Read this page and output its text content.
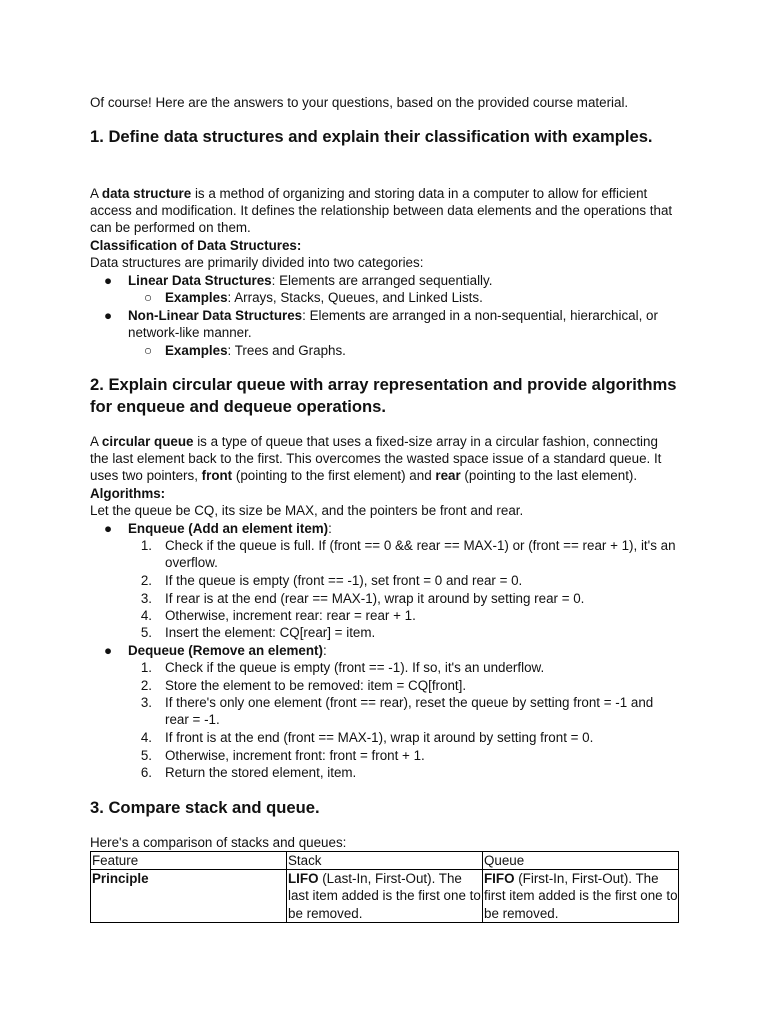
Of course! Here are the answers to your questions, based on the provided course material.
1. Define data structures and explain their classification with examples.
A data structure is a method of organizing and storing data in a computer to allow for efficient access and modification. It defines the relationship between data elements and the operations that can be performed on them.
Classification of Data Structures:
Data structures are primarily divided into two categories:
● Linear Data Structures: Elements are arranged sequentially.
○ Examples: Arrays, Stacks, Queues, and Linked Lists.
● Non-Linear Data Structures: Elements are arranged in a non-sequential, hierarchical, or network-like manner.
○ Examples: Trees and Graphs.
2. Explain circular queue with array representation and provide algorithms for enqueue and dequeue operations.
A circular queue is a type of queue that uses a fixed-size array in a circular fashion, connecting the last element back to the first. This overcomes the wasted space issue of a standard queue. It uses two pointers, front (pointing to the first element) and rear (pointing to the last element).
Algorithms:
Let the queue be CQ, its size be MAX, and the pointers be front and rear.
● Enqueue (Add an element item):
1. Check if the queue is full. If (front == 0 && rear == MAX-1) or (front == rear + 1), it's an overflow.
2. If the queue is empty (front == -1), set front = 0 and rear = 0.
3. If rear is at the end (rear == MAX-1), wrap it around by setting rear = 0.
4. Otherwise, increment rear: rear = rear + 1.
5. Insert the element: CQ[rear] = item.
● Dequeue (Remove an element):
1. Check if the queue is empty (front == -1). If so, it's an underflow.
2. Store the element to be removed: item = CQ[front].
3. If there's only one element (front == rear), reset the queue by setting front = -1 and rear = -1.
4. If front is at the end (front == MAX-1), wrap it around by setting front = 0.
5. Otherwise, increment front: front = front + 1.
6. Return the stored element, item.
3. Compare stack and queue.
Here's a comparison of stacks and queues:
Feature	Stack	Queue
Principle	LIFO (Last-In, First-Out). The last item added is the first one to be removed.	FIFO (First-In, First-Out). The first item added is the first one to be removed.
